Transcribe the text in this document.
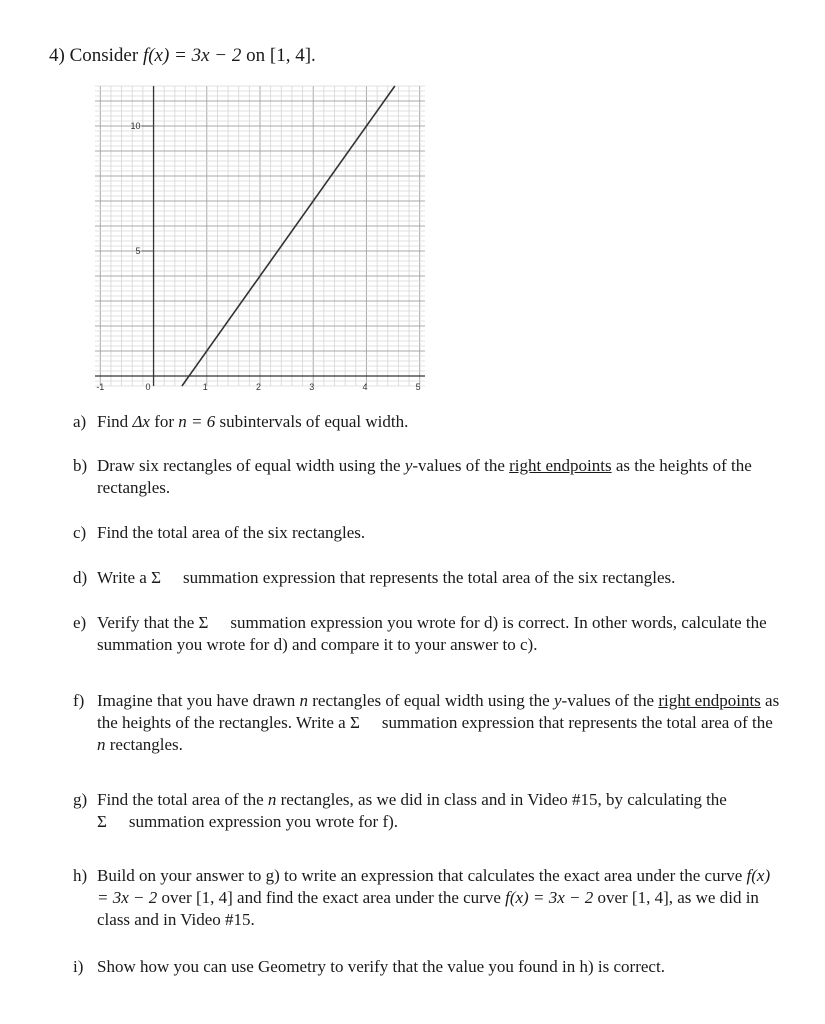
4) Consider f(x) = 3x − 2 on [1, 4].
-1	0	1	2	3	4	5
10
5
a) Find Δx for n = 6 subintervals of equal width.
b) Draw six rectangles of equal width using the y-values of the right endpoints as the heights of the rectangles.
c) Find the total area of the six rectangles.
d) Write a Σ summation expression that represents the total area of the six rectangles.
e) Verify that the Σ summation expression you wrote for d) is correct. In other words, calculate the summation you wrote for d) and compare it to your answer to c).
f) Imagine that you have drawn n rectangles of equal width using the y-values of the right endpoints as the heights of the rectangles. Write a Σ summation expression that represents the total area of the n rectangles.
g) Find the total area of the n rectangles, as we did in class and in Video #15, by calculating the Σ summation expression you wrote for f).
h) Build on your answer to g) to write an expression that calculates the exact area under the curve f(x) = 3x − 2 over [1, 4] and find the exact area under the curve f(x) = 3x − 2 over [1, 4], as we did in class and in Video #15.
i) Show how you can use Geometry to verify that the value you found in h) is correct.
